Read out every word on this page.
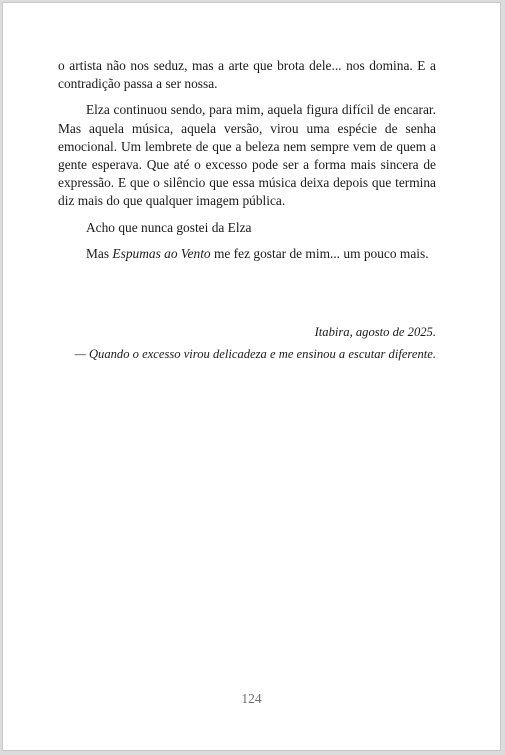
o artista não nos seduz, mas a arte que brota dele... nos domina. E a contradição passa a ser nossa.

Elza continuou sendo, para mim, aquela figura difícil de encarar. Mas aquela música, aquela versão, virou uma espécie de senha emocional. Um lembrete de que a beleza nem sempre vem de quem a gente esperava. Que até o excesso pode ser a forma mais sincera de expressão. E que o silêncio que essa música deixa depois que termina diz mais do que qualquer imagem pública.

Acho que nunca gostei da Elza

Mas Espumas ao Vento me fez gostar de mim... um pouco mais.

Itabira, agosto de 2025.
— Quando o excesso virou delicadeza e me ensinou a escutar diferente.
124
